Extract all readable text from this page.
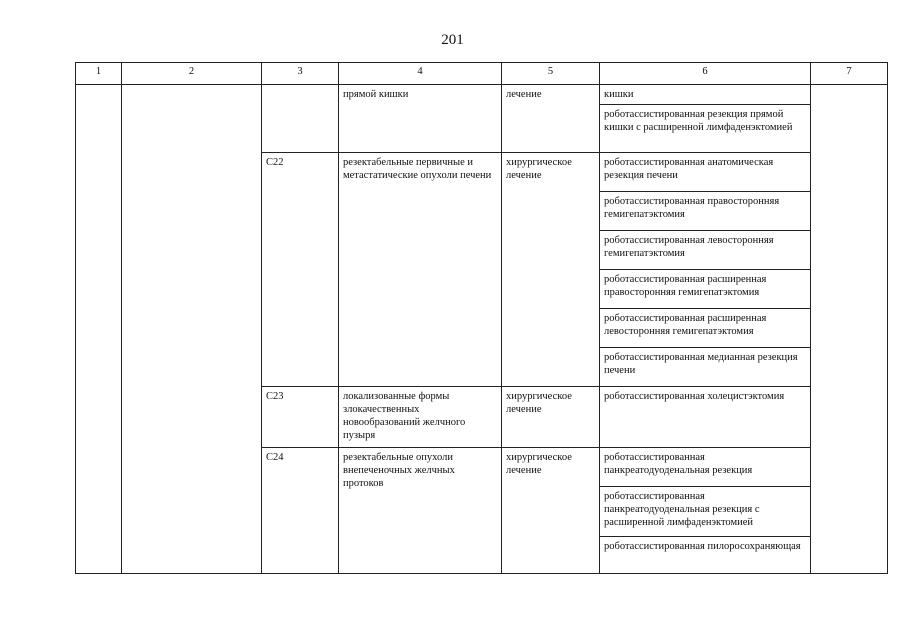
201
1	2	3	4	5	6	7
			прямой кишки	лечение	кишки	
					роботассистированная резекция прямой кишки с расширенной лимфаденэктомией	
		С22	резектабельные первичные и метастатические опухоли печени	хирургическое лечение	роботассистированная анатомическая резекция печени	
					роботассистированная правосторонняя гемигепатэктомия	
					роботассистированная левосторонняя гемигепатэктомия	
					роботассистированная расширенная правосторонняя гемигепатэктомия	
					роботассистированная расширенная левосторонняя гемигепатэктомия	
					роботассистированная медианная резекция печени	
		С23	локализованные формы злокачественных новообразований желчного пузыря	хирургическое лечение	роботассистированная холецистэктомия	
		С24	резектабельные опухоли внепеченочных желчных протоков	хирургическое лечение	роботассистированная панкреатодуоденальная резекция	
					роботассистированная панкреатодуоденальная резекция с расширенной лимфаденэктомией	
					роботассистированная пилоросохраняющая	
